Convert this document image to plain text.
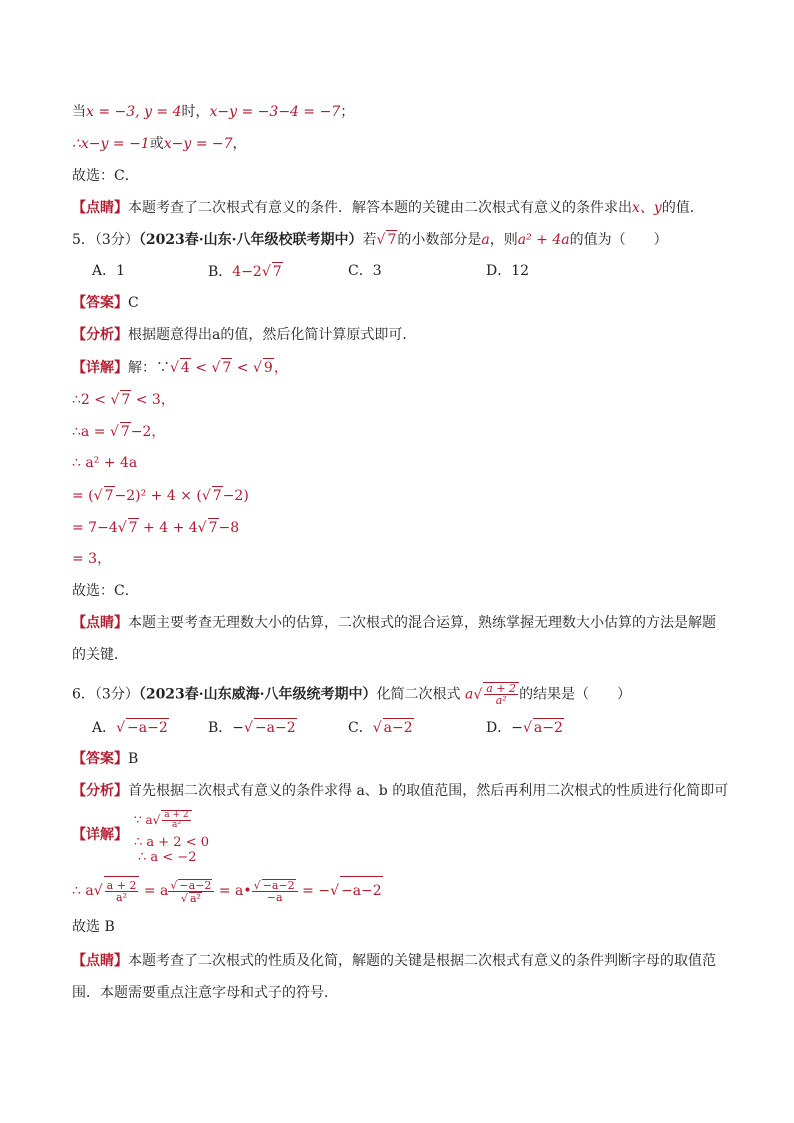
当x = −3, y = 4时，x−y = −3−4 = −7；
∴x−y = −1或x−y = −7，
故选：C．
【点睛】本题考查了二次根式有意义的条件．解答本题的关键由二次根式有意义的条件求出x、y的值．
5．（3分）（2023春·山东·八年级校联考期中）若√ 7的小数部分是a，则a² + 4a的值为（　　）
A．1	B．4−2√ 7	C．3	D．12
【答案】C
【分析】根据题意得出a的值，然后化简计算原式即可．
【详解】解：∵√ 4 < √ 7 < √ 9，
∴2 < √ 7 < 3，
∴a = √ 7−2，
∴ a² + 4a
= (√ 7−2)² + 4 × (√ 7−2)
= 7−4√ 7 + 4 + 4√ 7−8
= 3，
故选：C．
【点睛】本题主要考查无理数大小的估算，二次根式的混合运算，熟练掌握无理数大小估算的方法是解题
的关键．
6．（3分）（2023春·山东威海·八年级统考期中）化简二次根式 $a√ \frac{a + 2}{\text{a²}}$ 的结果是（　　）
A．√ −a−2	B．−√ −a−2	C．√ a−2	D．−√ a−2
【答案】B
【分析】首先根据二次根式有意义的条件求得 a、b 的取值范围，然后再利用二次根式的性质进行化简即可
【详解】
∵ $a√ \frac{a + 2}{\text{a²}}$
∴ a + 2 < 0
∴ a < −2
∴ $a√ \frac{a + 2}{\text{a²}} = a \frac{√ -a-2}{\text{√ a²}}$ = a• $\frac{√ -a-2}{-a}$ = −√ −a−2
故选 B
【点睛】本题考查了二次根式的性质及化简，解题的关键是根据二次根式有意义的条件判断字母的取值范
围．本题需要重点注意字母和式子的符号．
